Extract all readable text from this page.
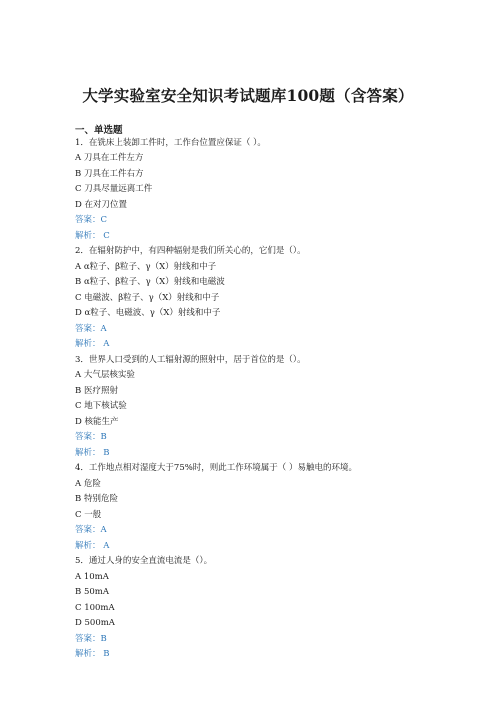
大学实验室安全知识考试题库100题（含答案）
一、单选题
1．在铣床上装卸工件时，工作台位置应保证（ ）。
A 刀具在工件左方
B 刀具在工件右方
C 刀具尽量远离工件
D 在对刀位置
答案：C
解析： C
2．在辐射防护中，有四种辐射是我们所关心的，它们是（）。
A α粒子、β粒子、γ（X）射线和中子
B α粒子、β粒子、γ（X）射线和电磁波
C 电磁波、β粒子、γ（X）射线和中子
D α粒子、电磁波、γ（X）射线和中子
答案：A
解析： A
3．世界人口受到的人工辐射源的照射中，居于首位的是（）。
A 大气层核实验
B 医疗照射
C 地下核试验
D 核能生产
答案：B
解析： B
4．工作地点相对湿度大于75%时，则此工作环境属于（ ）易触电的环境。
A 危险
B 特别危险
C 一般
答案：A
解析： A
5．通过人身的安全直流电流是（）。
A 10mA
B 50mA
C 100mA
D 500mA
答案：B
解析： B
